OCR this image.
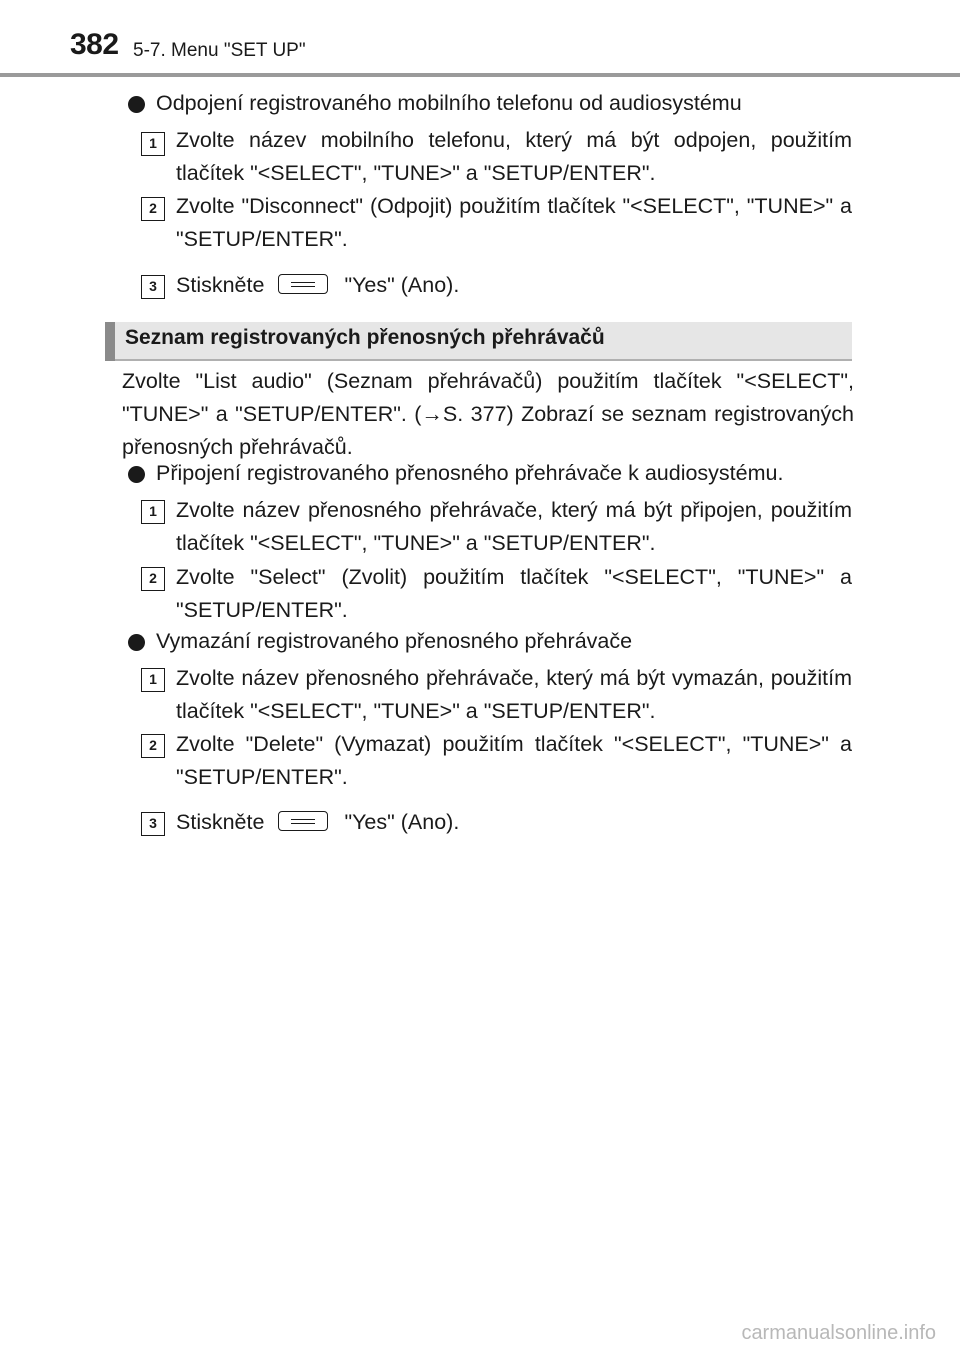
382 5-7. Menu "SET UP"
Odpojení registrovaného mobilního telefonu od audiosystému
1 Zvolte název mobilního telefonu, který má být odpojen, použitím tlačítek "<SELECT", "TUNE>" a "SETUP/ENTER".
2 Zvolte "Disconnect" (Odpojit) použitím tlačítek "<SELECT", "TUNE>" a "SETUP/ENTER".
3 Stiskněte	"Yes" (Ano).
Seznam registrovaných přenosných přehrávačů
Zvolte "List audio" (Seznam přehrávačů) použitím tlačítek "<SELECT", "TUNE>" a "SETUP/ENTER". (→S. 377) Zobrazí se seznam registrovaných přenosných přehrávačů.
Připojení registrovaného přenosného přehrávače k audiosystému.
1 Zvolte název přenosného přehrávače, který má být připojen, použitím tlačítek "<SELECT", "TUNE>" a "SETUP/ENTER".
2 Zvolte "Select" (Zvolit) použitím tlačítek "<SELECT", "TUNE>" a "SETUP/ENTER".
Vymazání registrovaného přenosného přehrávače
1 Zvolte název přenosného přehrávače, který má být vymazán, použitím tlačítek "<SELECT", "TUNE>" a "SETUP/ENTER".
2 Zvolte "Delete" (Vymazat) použitím tlačítek "<SELECT", "TUNE>" a "SETUP/ENTER".
3 Stiskněte	"Yes" (Ano).
carmanualsonline.info
